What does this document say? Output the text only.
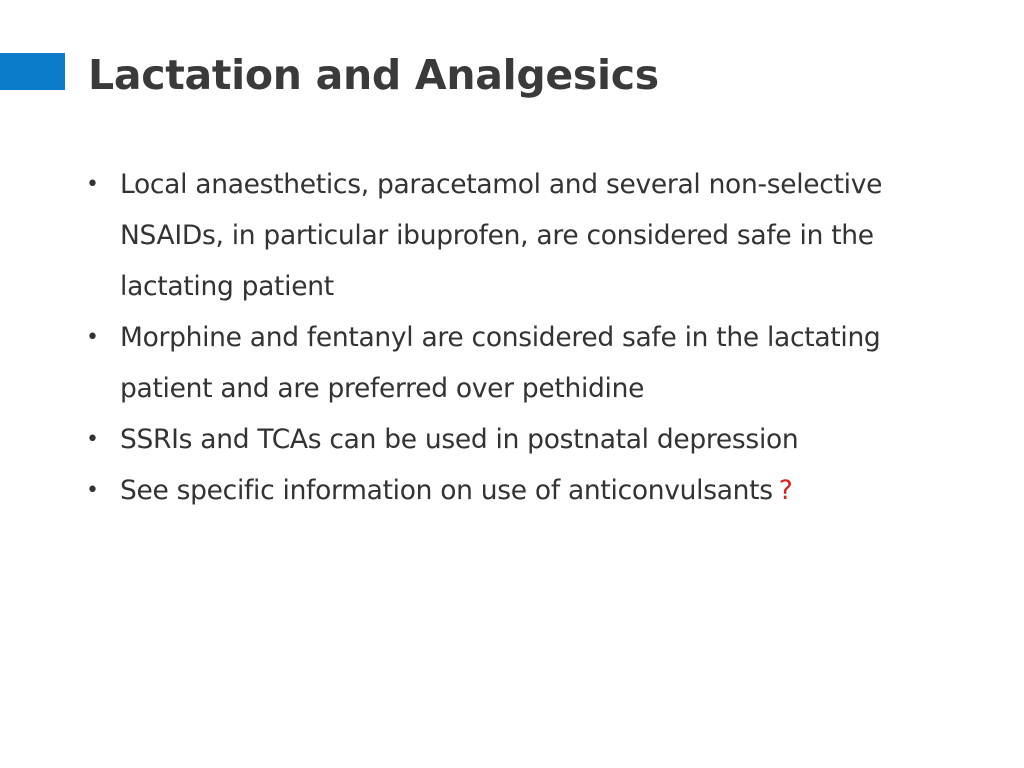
Lactation and Analgesics
• Local anaesthetics, paracetamol and several non-selective NSAIDs, in particular ibuprofen, are considered safe in the lactating patient
• Morphine and fentanyl are considered safe in the lactating patient and are preferred over pethidine
• SSRIs and TCAs can be used in postnatal depression
• See specific information on use of anticonvulsants ?
